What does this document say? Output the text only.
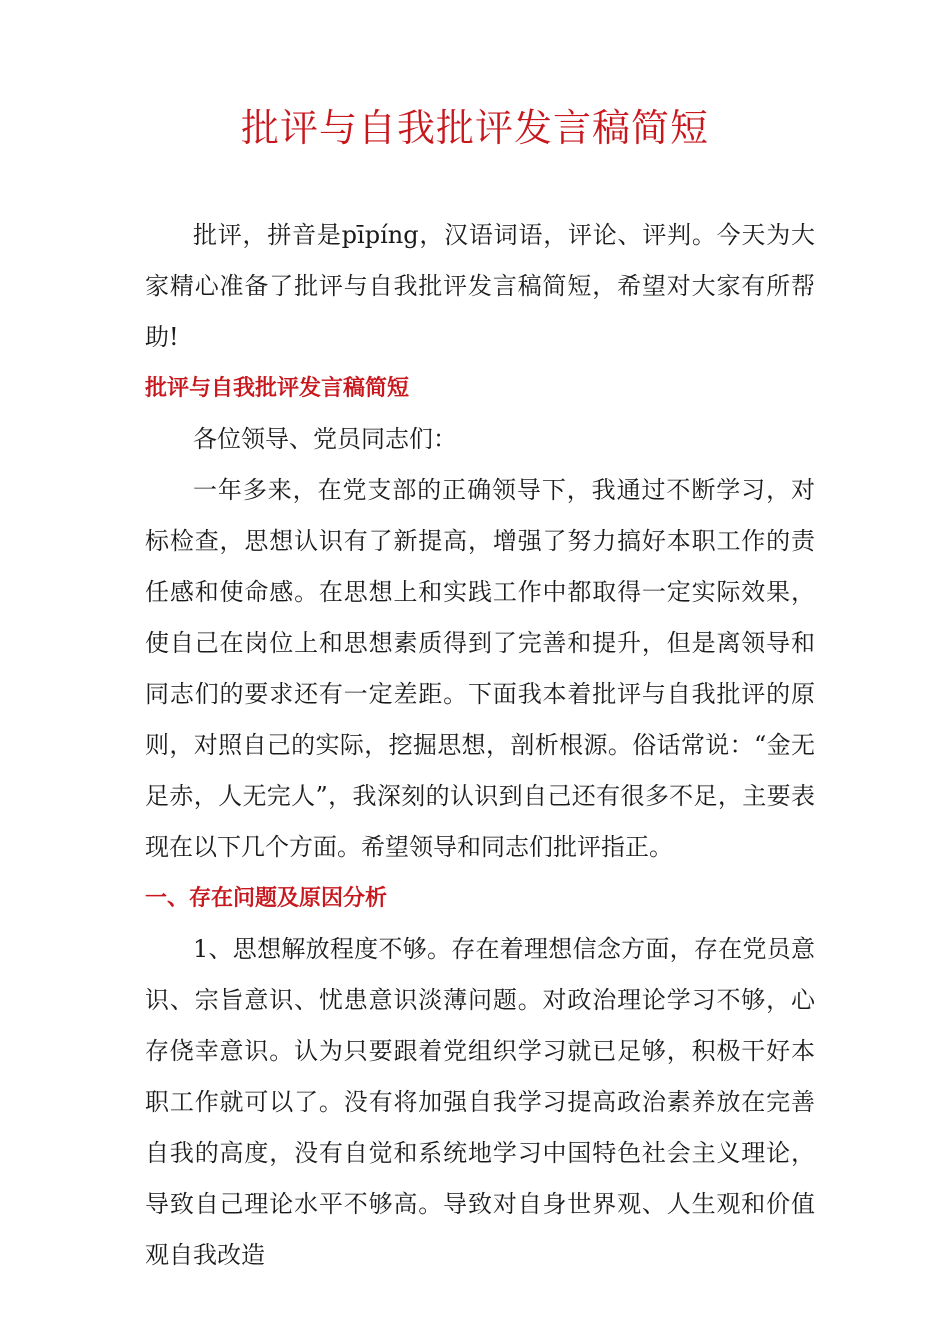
批评与自我批评发言稿简短

批评，拼音是pīpíng，汉语词语，评论、评判。今天为大家精心准备了批评与自我批评发言稿简短，希望对大家有所帮助!

批评与自我批评发言稿简短

各位领导、党员同志们：

一年多来，在党支部的正确领导下，我通过不断学习，对标检查，思想认识有了新提高，增强了努力搞好本职工作的责任感和使命感。在思想上和实践工作中都取得一定实际效果，使自己在岗位上和思想素质得到了完善和提升，但是离领导和同志们的要求还有一定差距。下面我本着批评与自我批评的原则，对照自己的实际，挖掘思想，剖析根源。俗话常说：“金无足赤，人无完人”，我深刻的认识到自己还有很多不足，主要表现在以下几个方面。希望领导和同志们批评指正。

一、存在问题及原因分析

1、思想解放程度不够。存在着理想信念方面，存在党员意识、宗旨意识、忧患意识淡薄问题。对政治理论学习不够，心存侥幸意识。认为只要跟着党组织学习就已足够，积极干好本职工作就可以了。没有将加强自我学习提高政治素养放在完善自我的高度，没有自觉和系统地学习中国特色社会主义理论，导致自己理论水平不够高。导致对自身世界观、人生观和价值观自我改造
